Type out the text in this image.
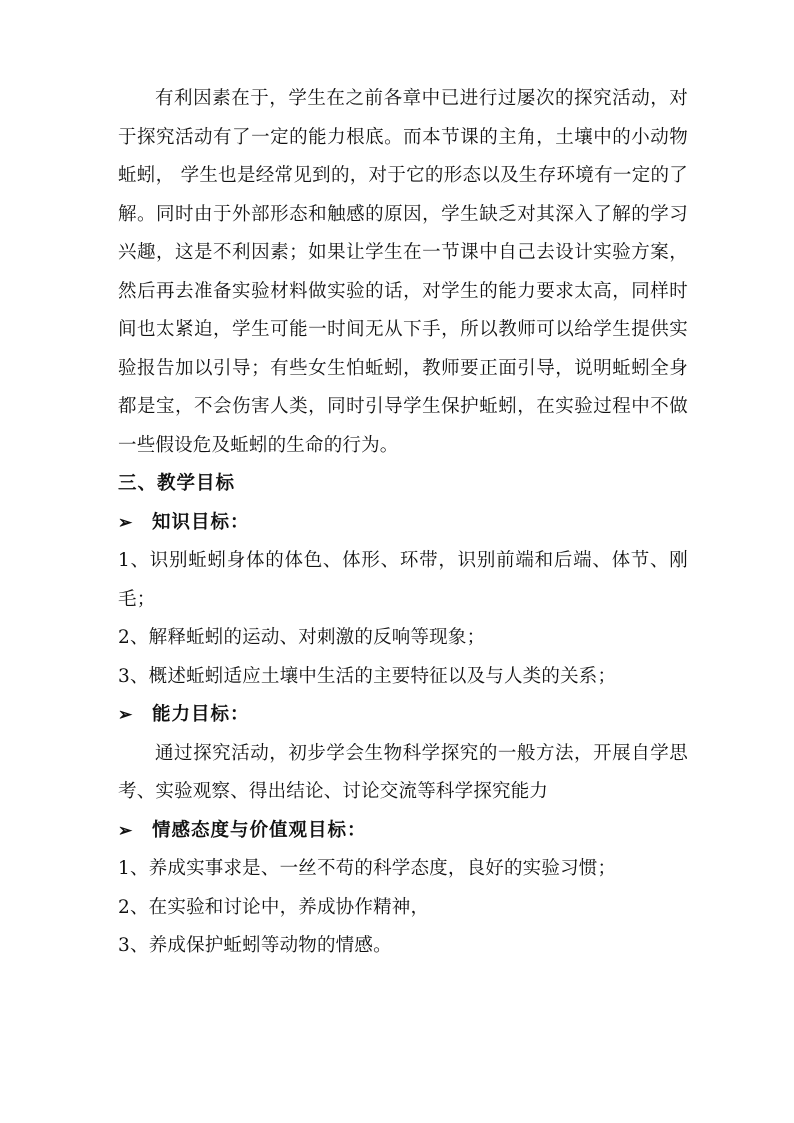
有利因素在于，学生在之前各章中已进行过屡次的探究活动，对于探究活动有了一定的能力根底。而本节课的主角，土壤中的小动物蚯蚓， 学生也是经常见到的，对于它的形态以及生存环境有一定的了解。同时由于外部形态和触感的原因，学生缺乏对其深入了解的学习兴趣，这是不利因素；如果让学生在一节课中自己去设计实验方案，然后再去准备实验材料做实验的话，对学生的能力要求太高，同样时间也太紧迫，学生可能一时间无从下手，所以教师可以给学生提供实验报告加以引导；有些女生怕蚯蚓，教师要正面引导，说明蚯蚓全身都是宝，不会伤害人类，同时引导学生保护蚯蚓，在实验过程中不做一些假设危及蚯蚓的生命的行为。

三、教学目标

➢	知识目标：

1、识别蚯蚓身体的体色、体形、环带，识别前端和后端、体节、刚毛；

2、解释蚯蚓的运动、对刺激的反响等现象；

3、概述蚯蚓适应土壤中生活的主要特征以及与人类的关系；

➢	能力目标：

通过探究活动，初步学会生物科学探究的一般方法，开展自学思考、实验观察、得出结论、讨论交流等科学探究能力

➢	情感态度与价值观目标：

1、养成实事求是、一丝不苟的科学态度，良好的实验习惯；

2、在实验和讨论中，养成协作精神，

3、养成保护蚯蚓等动物的情感。
